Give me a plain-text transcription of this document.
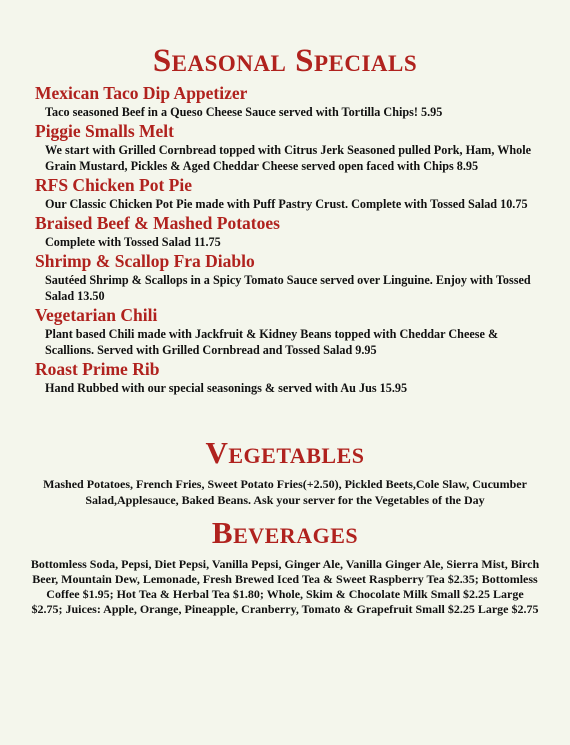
Seasonal Specials

Mexican Taco Dip Appetizer

Taco seasoned Beef in a Queso Cheese Sauce served with Tortilla Chips! 5.95

Piggie Smalls Melt

We start with Grilled Cornbread topped with Citrus Jerk Seasoned pulled Pork, Ham, Whole Grain Mustard, Pickles & Aged Cheddar Cheese served open faced with Chips 8.95

RFS Chicken Pot Pie

Our Classic Chicken Pot Pie made with Puff Pastry Crust. Complete with Tossed Salad 10.75

Braised Beef & Mashed Potatoes

Complete with Tossed Salad 11.75

Shrimp & Scallop Fra Diablo

Sautéed Shrimp & Scallops in a Spicy Tomato Sauce served over Linguine. Enjoy with Tossed Salad 13.50

Vegetarian Chili

Plant based Chili made with Jackfruit & Kidney Beans topped with Cheddar Cheese & Scallions. Served with Grilled Cornbread and Tossed Salad 9.95

Roast Prime Rib

Hand Rubbed with our special seasonings & served with Au Jus 15.95

Vegetables
Mashed Potatoes, French Fries, Sweet Potato Fries(+2.50), Pickled Beets,Cole Slaw, Cucumber Salad,Applesauce, Baked Beans. Ask your server for the Vegetables of the Day
Beverages
Bottomless Soda, Pepsi, Diet Pepsi, Vanilla Pepsi, Ginger Ale, Vanilla Ginger Ale, Sierra Mist, Birch Beer, Mountain Dew, Lemonade, Fresh Brewed Iced Tea & Sweet Raspberry Tea $2.35; Bottomless Coffee $1.95; Hot Tea & Herbal Tea $1.80; Whole, Skim & Chocolate Milk Small $2.25 Large $2.75; Juices: Apple, Orange, Pineapple, Cranberry, Tomato & Grapefruit Small $2.25 Large $2.75
